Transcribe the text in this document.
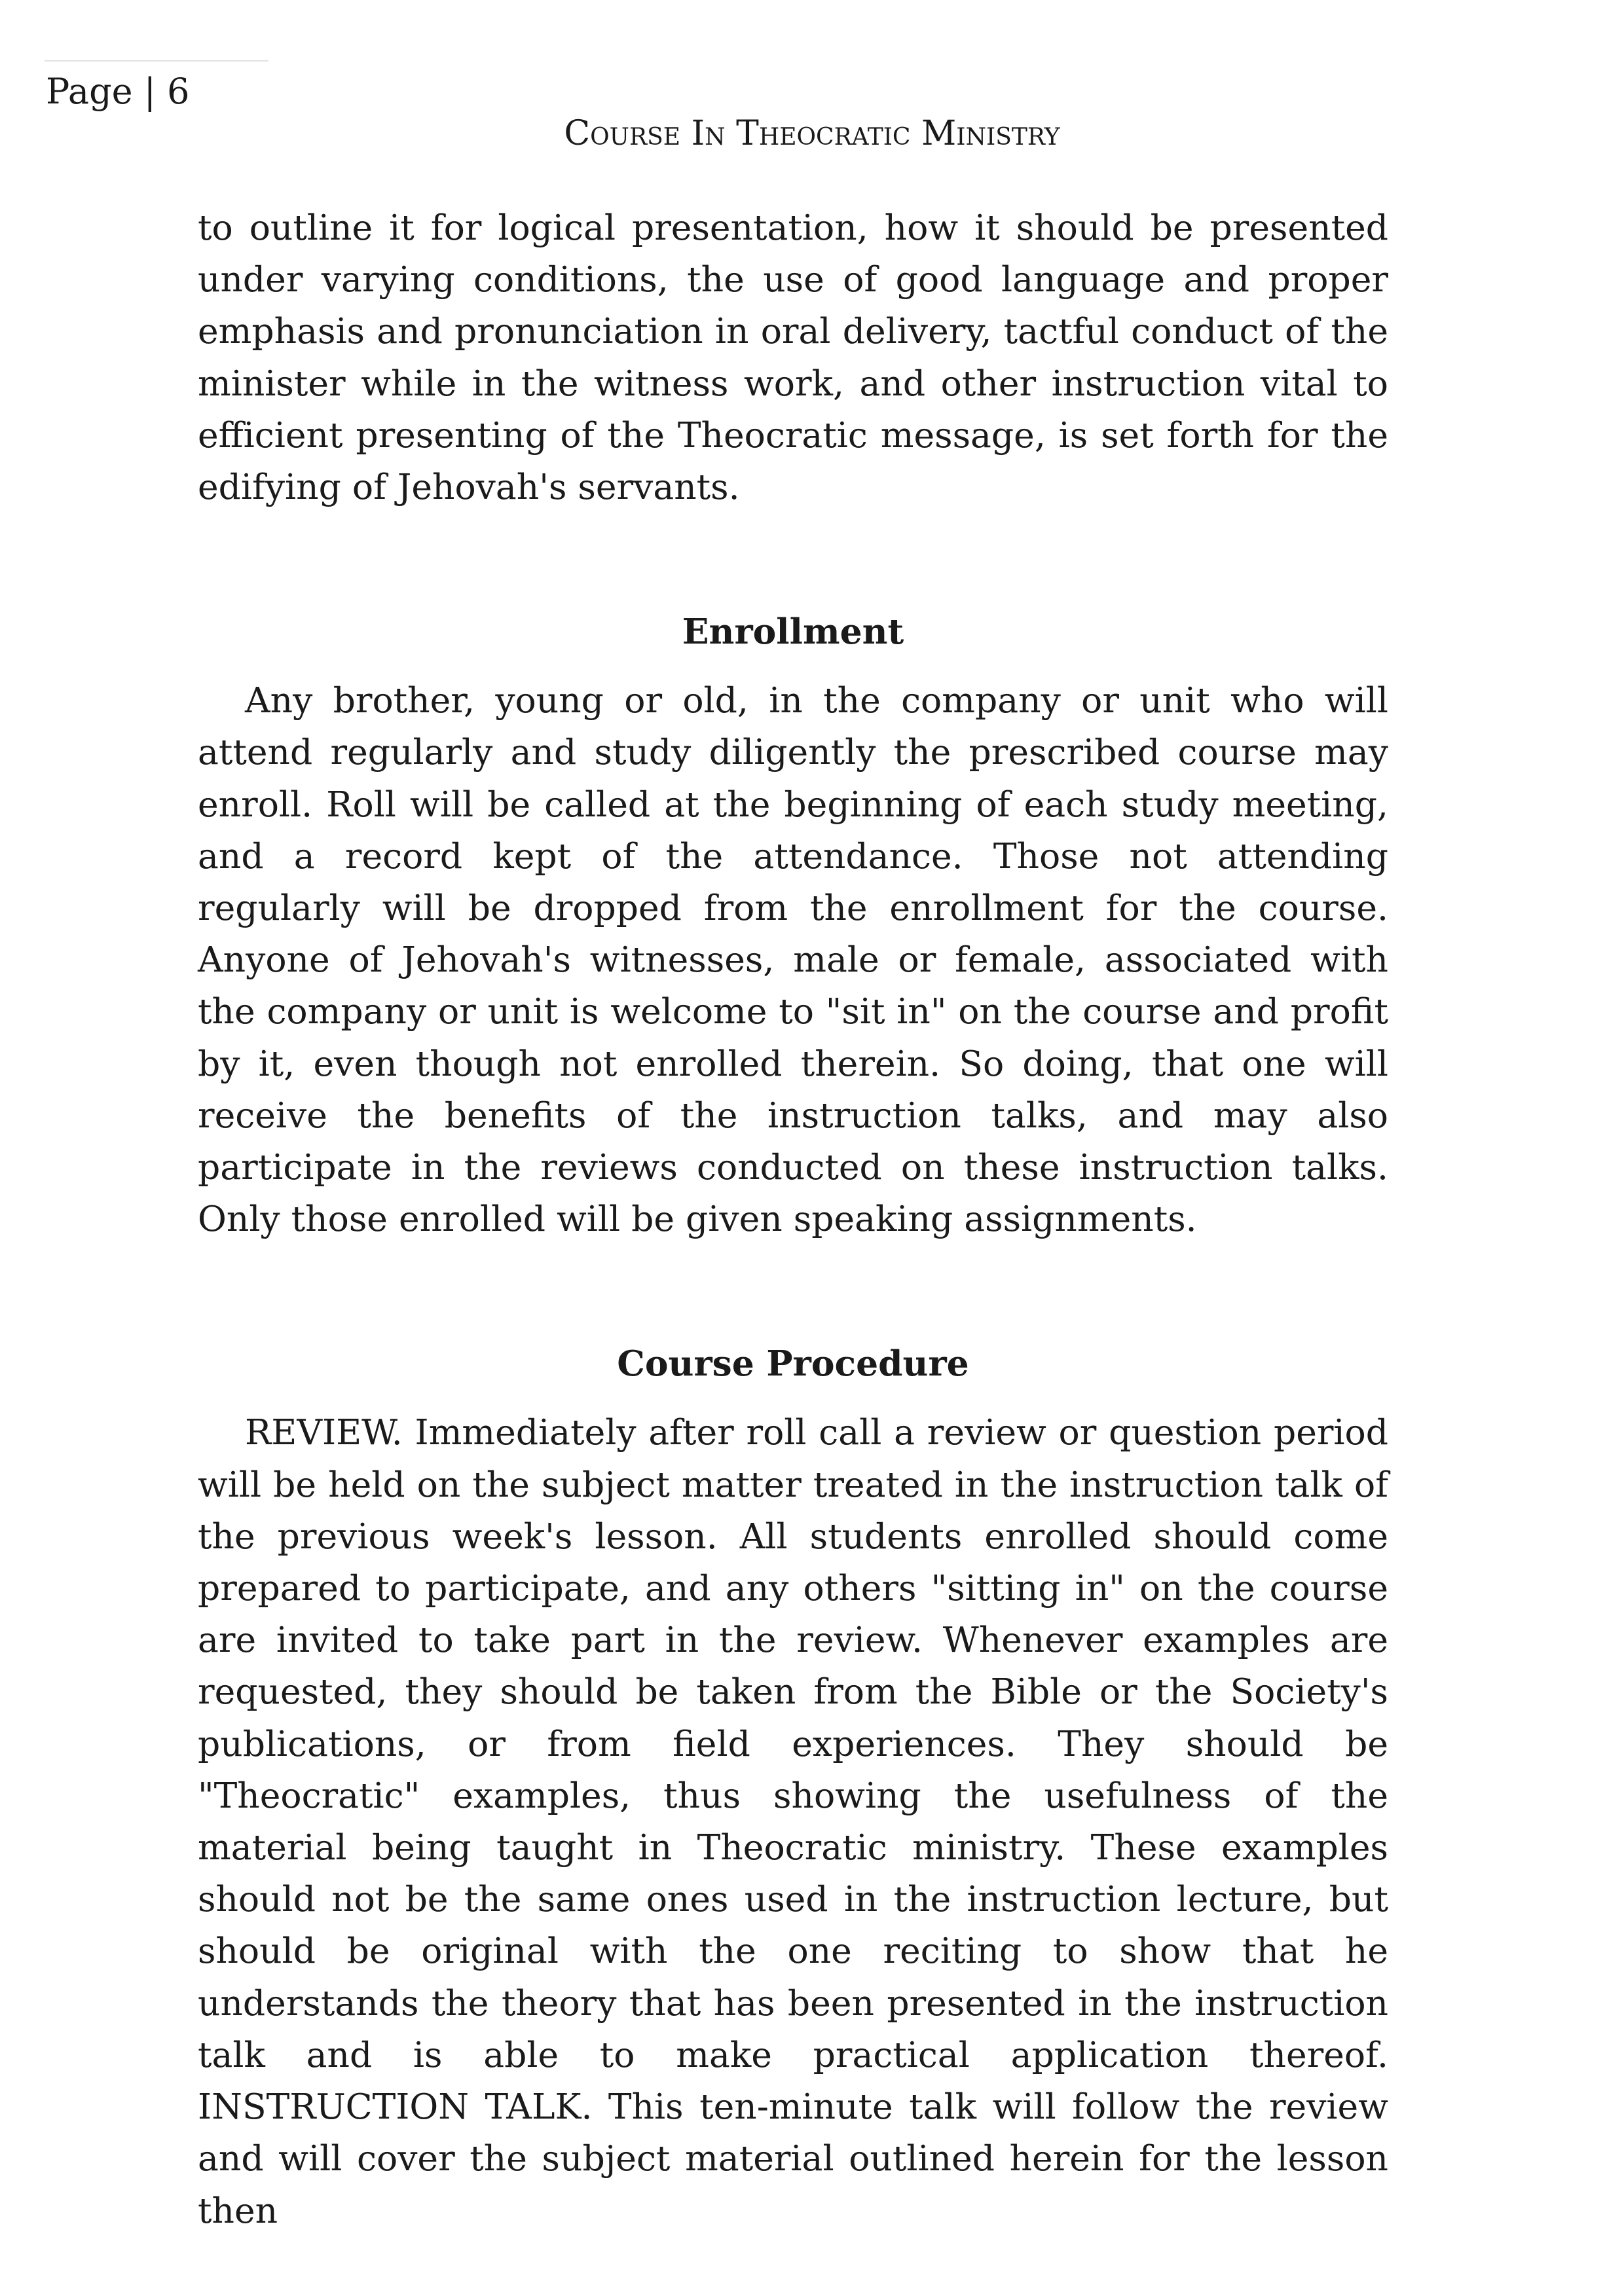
Page | 6
Course In Theocratic Ministry

to outline it for logical presentation, how it should be presented under varying conditions, the use of good language and proper emphasis and pronunciation in oral delivery, tactful conduct of the minister while in the witness work, and other instruction vital to efficient presenting of the Theocratic message, is set forth for the edifying of Jehovah's servants.

Enrollment

Any brother, young or old, in the company or unit who will attend regularly and study diligently the prescribed course may enroll. Roll will be called at the beginning of each study meeting, and a record kept of the attendance. Those not attending regularly will be dropped from the enrollment for the course. Anyone of Jehovah's witnesses, male or female, associated with the company or unit is welcome to "sit in" on the course and profit by it, even though not enrolled therein. So doing, that one will receive the benefits of the instruction talks, and may also participate in the reviews conducted on these instruction talks. Only those enrolled will be given speaking assignments.

Course Procedure

REVIEW. Immediately after roll call a review or question period will be held on the subject matter treated in the instruction talk of the previous week's lesson. All students enrolled should come prepared to participate, and any others "sitting in" on the course are invited to take part in the review. Whenever examples are requested, they should be taken from the Bible or the Society's publications, or from field experiences. They should be "Theocratic" examples, thus showing the usefulness of the material being taught in Theocratic ministry. These examples should not be the same ones used in the instruction lecture, but should be original with the one reciting to show that he understands the theory that has been presented in the instruction talk and is able to make practical application thereof. INSTRUCTION TALK. This ten-minute talk will follow the review and will cover the subject material outlined herein for the lesson then
